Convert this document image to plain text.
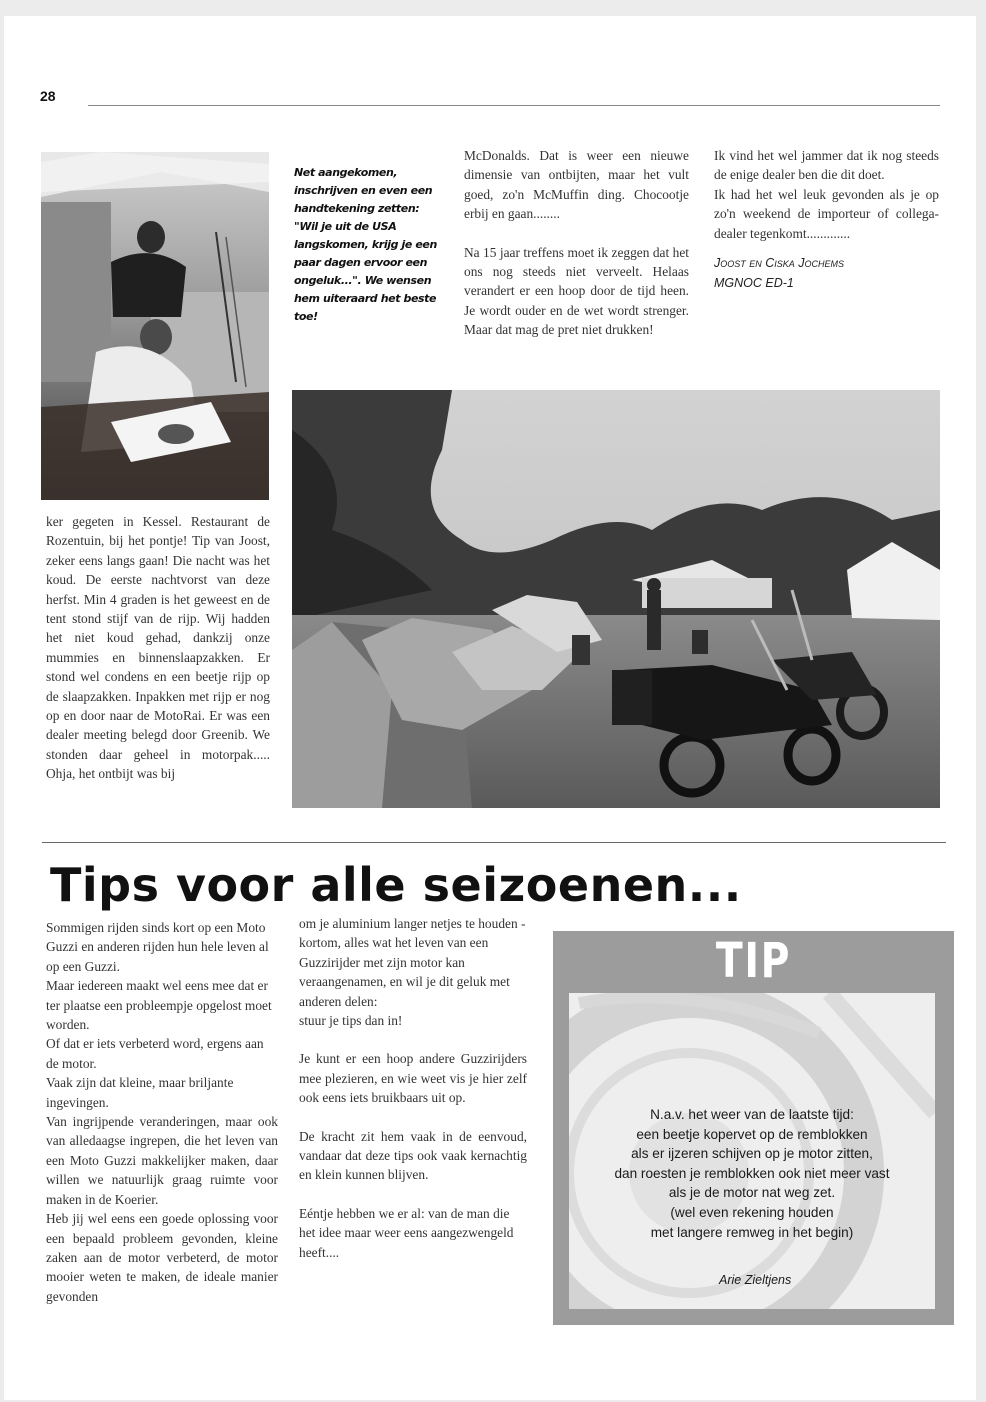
28
Net aangekomen, inschrijven en even een handtekening zetten: "Wil je uit de USA langskomen, krijg je een paar dagen ervoor een ongeluk...". We wensen hem uiteraard het beste toe!

McDonalds. Dat is weer een nieuwe dimensie van ontbijten, maar het vult goed, zo'n McMuffin ding. Chocootje erbij en gaan........

Na 15 jaar treffens moet ik zeggen dat het ons nog steeds niet verveelt. Helaas verandert er een hoop door de tijd heen. Je wordt ouder en de wet wordt strenger. Maar dat mag de pret niet drukken!

Ik vind het wel jammer dat ik nog steeds de enige dealer ben die dit doet.

Ik had het wel leuk gevonden als je op zo'n weekend de importeur of collega-dealer tegenkomt.............

Joost en Ciska Jochems
MGNOC ED-1

ker gegeten in Kessel. Restaurant de Rozentuin, bij het pontje! Tip van Joost, zeker eens langs gaan! Die nacht was het koud. De eerste nachtvorst van deze herfst. Min 4 graden is het geweest en de tent stond stijf van de rijp. Wij hadden het niet koud gehad, dankzij onze mummies en binnenslaapzakken. Er stond wel condens en een beetje rijp op de slaapzakken. Inpakken met rijp er nog op en door naar de MotoRai. Er was een dealer meeting belegd door Greenib. We stonden daar geheel in motorpak..... Ohja, het ontbijt was bij

Tips voor alle seizoenen...

Sommigen rijden sinds kort op een Moto Guzzi en anderen rijden hun hele leven al op een Guzzi.

Maar iedereen maakt wel eens mee dat er ter plaatse een probleempje opgelost moet worden.

Of dat er iets verbeterd word, ergens aan de motor.

Vaak zijn dat kleine, maar briljante ingevingen.

Van ingrijpende veranderingen, maar ook van alledaagse ingrepen, die het leven van een Moto Guzzi makkelijker maken, daar willen we natuurlijk graag ruimte voor maken in de Koerier.

Heb jij wel eens een goede oplossing voor een bepaald probleem gevonden, kleine zaken aan de motor verbeterd, de motor mooier weten te maken, de ideale manier gevonden

om je aluminium langer netjes te houden - kortom, alles wat het leven van een Guzzirijder met zijn motor kan veraangenamen, en wil je dit geluk met anderen delen:

stuur je tips dan in!

Je kunt er een hoop andere Guzzirijders mee plezieren, en wie weet vis je hier zelf ook eens iets bruikbaars uit op.

De kracht zit hem vaak in de eenvoud, vandaar dat deze tips ook vaak kernachtig en klein kunnen blijven.

Eéntje hebben we er al: van de man die het idee maar weer eens aangezwengeld heeft....

TIP
N.a.v. het weer van de laatste tijd:
een beetje kopervet op de remblokken
als er ijzeren schijven op je motor zitten,
dan roesten je remblokken ook niet meer vast
als je de motor nat weg zet.
(wel even rekening houden
met langere remweg in het begin)
Arie Zieltjens
